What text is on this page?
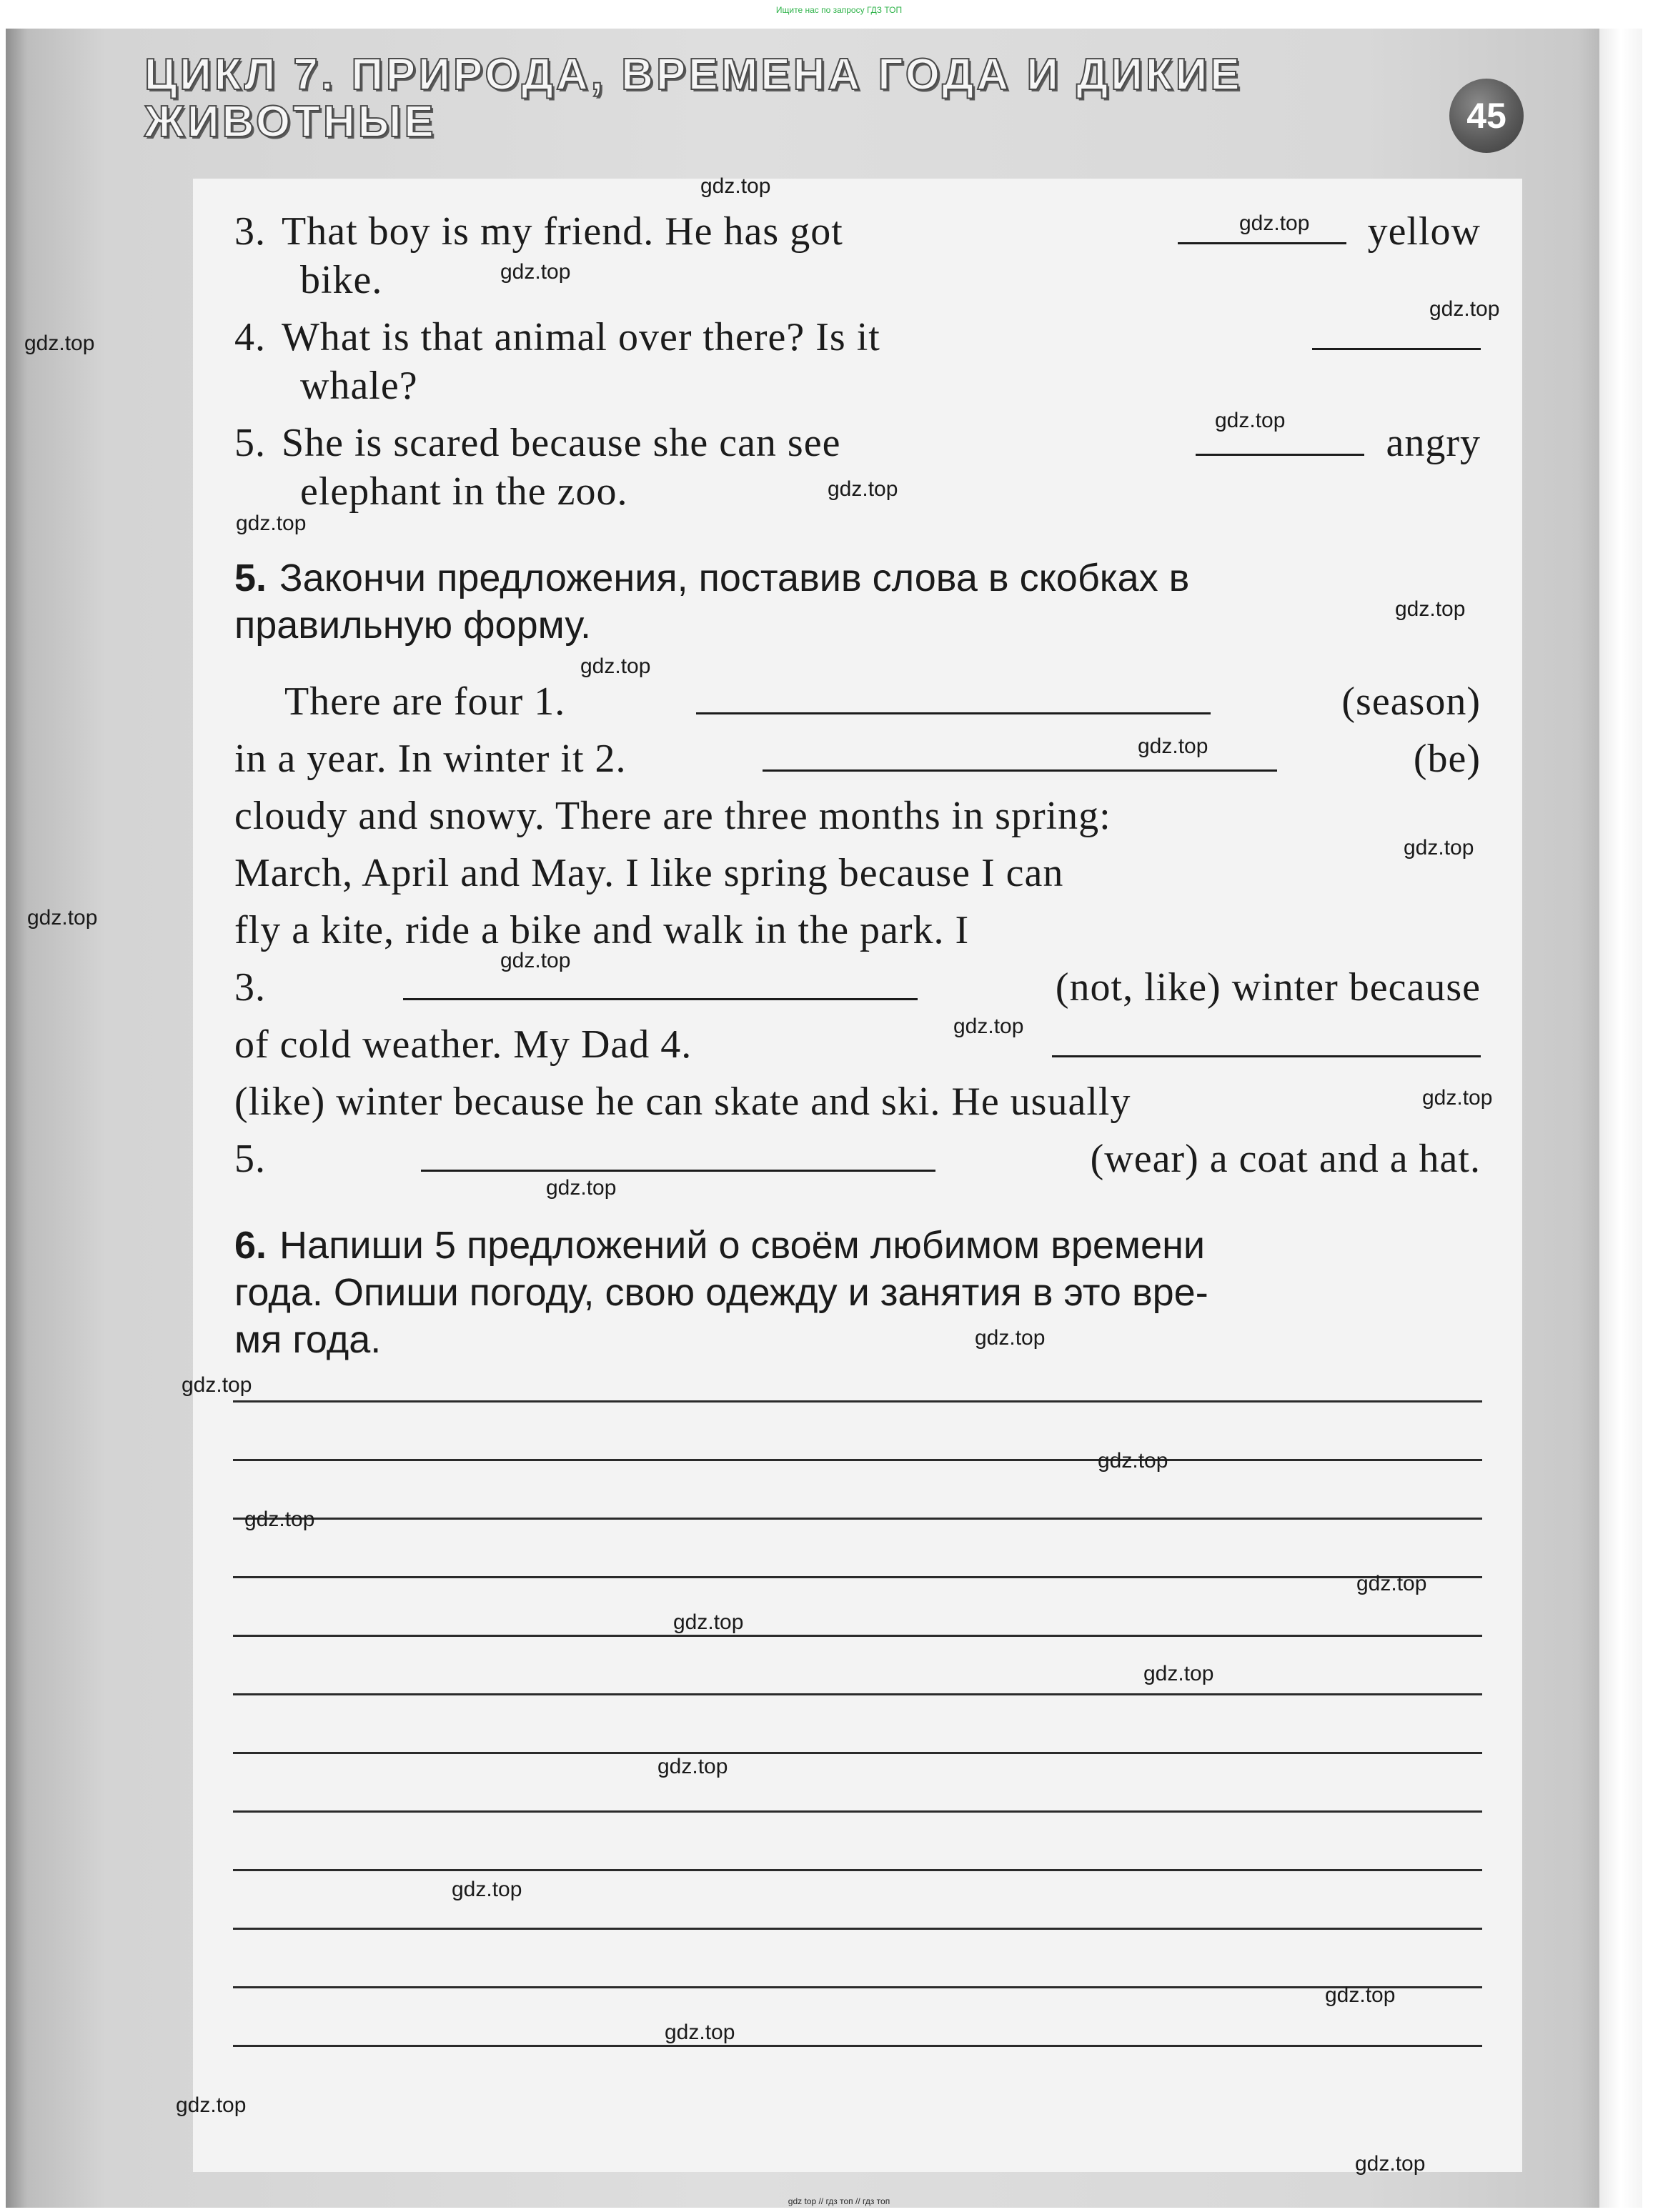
Ищите нас по запросу ГДЗ ТОП
ЦИКЛ 7. ПРИРОДА, ВРЕМЕНА ГОДА И ДИКИЕ ЖИВОТНЫЕ	45
3. That boy is my friend. He has got	yellow
bike.
4. What is that animal over there? Is it
whale?
5. She is scared because she can see	angry
elephant in the zoo.
5. Закончи предложения, поставив слова в скобках в
правильную форму.
There are four 1.	(season)
in a year. In winter it 2.	(be)
cloudy and snowy. There are three months in spring:
March, April and May. I like spring because I can
fly a kite, ride a bike and walk in the park. I
3.	(not, like) winter because
of cold weather. My Dad 4.
(like) winter because he can skate and ski. He usually
5.	(wear) a coat and a hat.
6. Напиши 5 предложений о своём любимом времени
года. Опиши погоду, свою одежду и занятия в это вре-
мя года.
gdz.top
gdz.top
gdz.top
gdz.top
gdz.top
gdz.top
gdz.top
gdz.top
gdz.top
gdz.top
gdz.top
gdz.top
gdz.top
gdz.top
gdz.top
gdz.top
gdz.top
gdz.top
gdz.top
gdz.top
gdz.top
gdz.top
gdz.top
gdz.top
gdz.top
gdz.top
gdz.top
gdz.top
gdz.top
gdz.top
gdz top // гдз топ // гдз топ
